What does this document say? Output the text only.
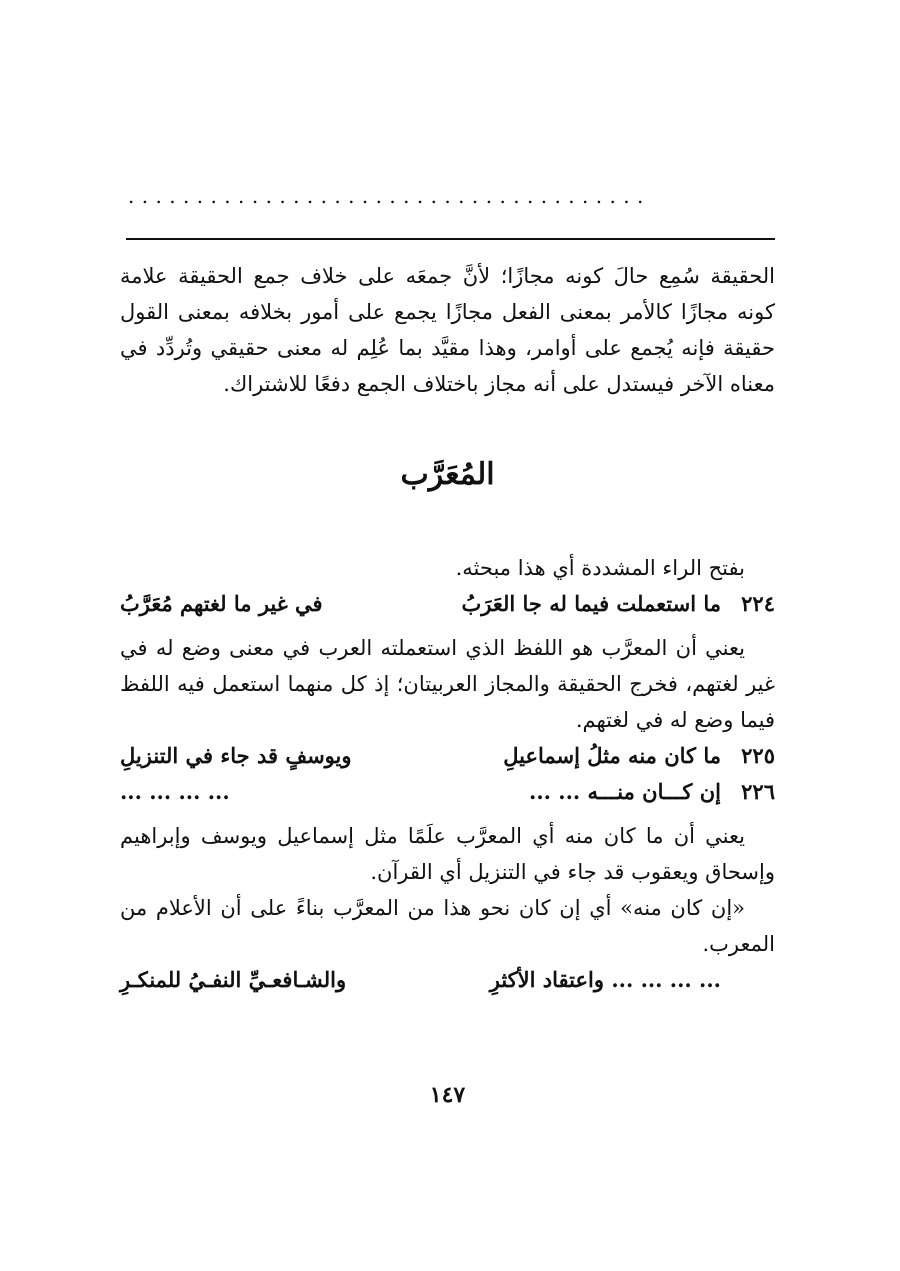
......................................

الحقيقة سُمِع حالَ كونه مجازًا؛ لأنَّ جمعَه على خلاف جمع الحقيقة علامة كونه مجازًا كالأمر بمعنى الفعل مجازًا يجمع على أمور بخلافه بمعنى القول حقيقة فإنه يُجمع على أوامر، وهذا مقيَّد بما عُلِم له معنى حقيقي وتُردِّد في معناه الآخر فيستدل على أنه مجاز باختلاف الجمع دفعًا للاشتراك.

المُعَرَّب

بفتح الراء المشددة أي هذا مبحثه.

٢٢٤
ما استعملت فيما له جا العَرَبُ
في غير ما لغتهم مُعَرَّبُ

يعني أن المعرَّب هو اللفظ الذي استعملته العرب في معنى وضع له في غير لغتهم، فخرج الحقيقة والمجاز العربيتان؛ إذ كل منهما استعمل فيه اللفظ فيما وضع له في لغتهم.

٢٢٥
ما كان منه مثلُ إسماعيلِ
ويوسفٍ قد جاء في التنزيلِ
٢٢٦
إن كـــان منـــه ... ...
... ... ... ...

يعني أن ما كان منه أي المعرَّب علَمًا مثل إسماعيل ويوسف وإبراهيم وإسحاق ويعقوب قد جاء في التنزيل أي القرآن.

«إن كان منه» أي إن كان نحو هذا من المعرَّب بناءً على أن الأعلام من المعرب.

... ... ... ... واعتقاد الأكثرِ
والشـافعـيِّ النفـيُ للمنكـرِ
١٤٧
